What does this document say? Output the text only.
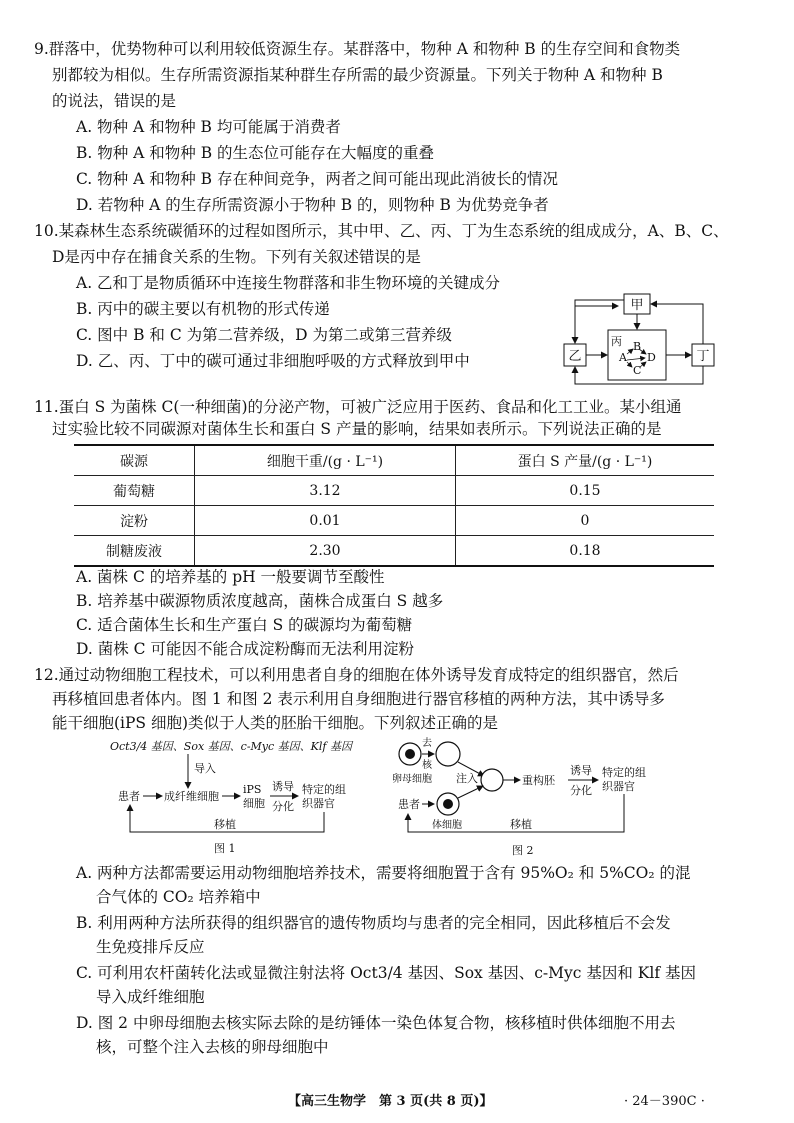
9.群落中，优势物种可以利用较低资源生存。某群落中，物种 A 和物种 B 的生存空间和食物类
别都较为相似。生存所需资源指某种群生存所需的最少资源量。下列关于物种 A 和物种 B
的说法，错误的是
A. 物种 A 和物种 B 均可能属于消费者
B. 物种 A 和物种 B 的生态位可能存在大幅度的重叠
C. 物种 A 和物种 B 存在种间竞争，两者之间可能出现此消彼长的情况
D. 若物种 A 的生存所需资源小于物种 B 的，则物种 B 为优势竞争者
10.某森林生态系统碳循环的过程如图所示，其中甲、乙、丙、丁为生态系统的组成成分，A、B、C、
D是丙中存在捕食关系的生物。下列有关叙述错误的是
A. 乙和丁是物质循环中连接生物群落和非生物环境的关键成分
B. 丙中的碳主要以有机物的形式传递
C. 图中 B 和 C 为第二营养级，D 为第二或第三营养级
D. 乙、丙、丁中的碳可通过非细胞呼吸的方式释放到甲中
甲
乙	丁
丙
A
B
D
C
11.蛋白 S 为菌株 C(一种细菌)的分泌产物，可被广泛应用于医药、食品和化工工业。某小组通
过实验比较不同碳源对菌体生长和蛋白 S 产量的影响，结果如表所示。下列说法正确的是
碳源	细胞干重/(g · L⁻¹)	蛋白 S 产量/(g · L⁻¹)
葡萄糖	3.12	0.15
淀粉	0.01	0
制糖废液	2.30	0.18
A. 菌株 C 的培养基的 pH 一般要调节至酸性
B. 培养基中碳源物质浓度越高，菌株合成蛋白 S 越多
C. 适合菌体生长和生产蛋白 S 的碳源均为葡萄糖
D. 菌株 C 可能因不能合成淀粉酶而无法利用淀粉
12.通过动物细胞工程技术，可以利用患者自身的细胞在体外诱导发育成特定的组织器官，然后
再移植回患者体内。图 1 和图 2 表示利用自身细胞进行器官移植的两种方法，其中诱导多
能干细胞(iPS 细胞)类似于人类的胚胎干细胞。下列叙述正确的是
Oct3/4 基因、Sox 基因、c-Myc 基因、Klf 基因
导入
患者 成纤维细胞
iPS
细胞
诱导
分化
特定的组
织器官
移植
图 1
去
核
卵母细胞 注入	重构胚
诱导
分化
特定的组
织器官
患者
体细胞	移植
图 2
A. 两种方法都需要运用动物细胞培养技术，需要将细胞置于含有 95%O₂ 和 5%CO₂ 的混
合气体的 CO₂ 培养箱中
B. 利用两种方法所获得的组织器官的遗传物质均与患者的完全相同，因此移植后不会发
生免疫排斥反应
C. 可利用农杆菌转化法或显微注射法将 Oct3/4 基因、Sox 基因、c-Myc 基因和 Klf 基因
导入成纤维细胞
D. 图 2 中卵母细胞去核实际去除的是纺锤体一染色体复合物，核移植时供体细胞不用去
核，可整个注入去核的卵母细胞中
【高三生物学　第 3 页(共 8 页)】	· 24－390C ·
